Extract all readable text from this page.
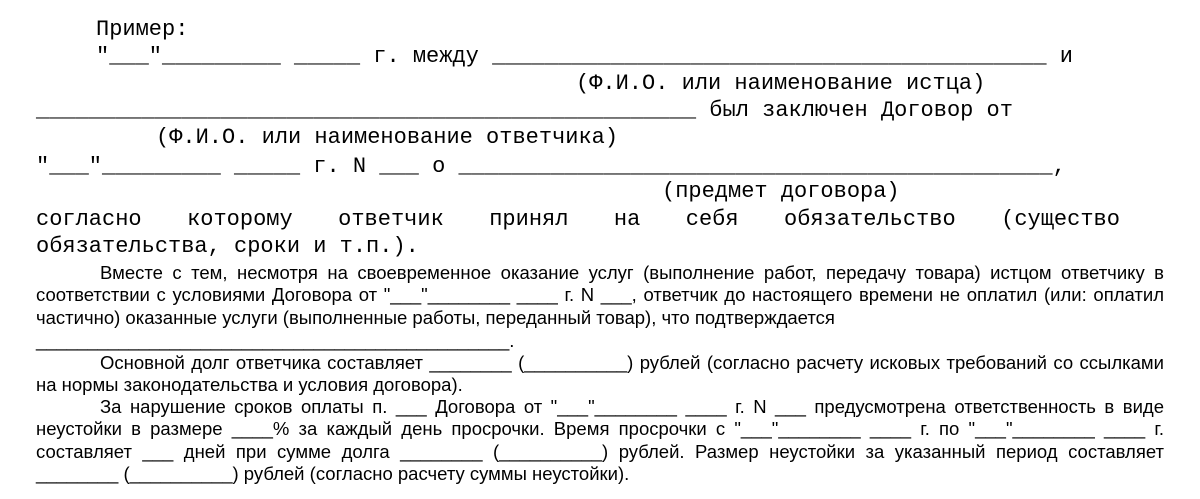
Пример:
"___"_________ _____ г. между __________________________________________ и
(Ф.И.О. или наименование истца)
__________________________________________________ был заключен Договор от
(Ф.И.О. или наименование ответчика)
"___"_________ _____ г. N ___ о _____________________________________________,
(предмет договора)
согласно которому ответчик принял на себя обязательство (существо
обязательства, сроки и т.п.).

Вместе с тем, несмотря на своевременное оказание услуг (выполнение работ, передачу товара) истцом ответчику в соответствии с условиями Договора от "___"________ ____ г. N ___, ответчик до настоящего времени не оплатил (или: оплатил частично) оказанные услуги (выполненные работы, переданный товар), что подтверждается

______________________________________________.

Основной долг ответчика составляет ________ (__________) рублей (согласно расчету исковых требований со ссылками на нормы законодательства и условия договора).

За нарушение сроков оплаты п. ___ Договора от "___"________ ____ г. N ___ предусмотрена ответственность в виде неустойки в размере ____% за каждый день просрочки. Время просрочки с "___"________ ____ г. по "___"________ ____ г. составляет ___ дней при сумме долга ________ (__________) рублей. Размер неустойки за указанный период составляет ________ (__________) рублей (согласно расчету суммы неустойки).
